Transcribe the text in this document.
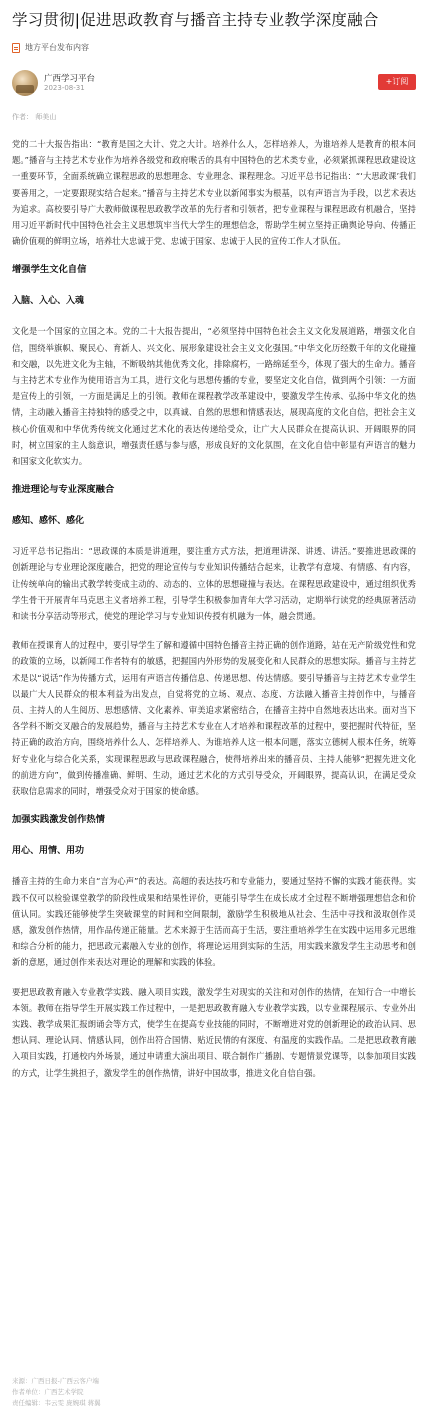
学习贯彻|促进思政教育与播音主持专业教学深度融合
地方平台发布内容
广西学习平台
2023-08-31
+订阅
作者： 师美山

党的二十大报告指出：“教育是国之大计、党之大计。培养什么人，怎样培养人，为谁培养人是教育的根本问题。”播音与主持艺术专业作为培养各级党和政府喉舌的具有中国特色的艺术类专业，必须紧抓课程思政建设这一重要环节，全面系统确立课程思政的思想理念、专业理念、课程理念。习近平总书记指出：“‘大思政课’我们要善用之，一定要跟现实结合起来。”播音与主持艺术专业以新闻事实为根基，以有声语言为手段，以艺术表达为追求。高校要引导广大教师做课程思政教学改革的先行者和引领者，把专业课程与课程思政有机融合，坚持用习近平新时代中国特色社会主义思想筑牢当代大学生的理想信念，帮助学生树立坚持正确舆论导向、传播正确价值观的鲜明立场，培养壮大忠诚于党、忠诚于国家、忠诚于人民的宣传工作人才队伍。

增强学生文化自信
入脑、入心、入魂

文化是一个国家的立国之本。党的二十大报告提出，“必须坚持中国特色社会主义文化发展道路，增强文化自信，围绕举旗帜、聚民心、育新人、兴文化、展形象建设社会主义文化强国。”中华文化历经数千年的文化碰撞和交融，以先进文化为主轴，不断吸纳其他优秀文化，排除腐朽，一路绵延至今，体现了强大的生命力。播音与主持艺术专业作为使用语言为工具，进行文化与思想传播的专业，要坚定文化自信，做到两个引领：一方面是宣传上的引领，一方面是满足上的引领。教师在课程教学改革建设中，要激发学生传承、弘扬中华文化的热情，主动融入播音主持独特的感受之中，以真诚、自然的思想和情感表达，展现高度的文化自信，把社会主义核心价值观和中华优秀传统文化通过艺术化的表达传递给受众，让广大人民群众在提高认识、开阔眼界的同时，树立国家的主人翁意识，增强责任感与参与感，形成良好的文化氛围，在文化自信中彰显有声语言的魅力和国家文化软实力。

推进理论与专业深度融合
感知、感怀、感化

习近平总书记指出：“思政课的本质是讲道理，要注重方式方法，把道理讲深、讲透、讲活。”要推进思政课的创新理论与专业理论深度融合，把党的理论宣传与专业知识传播结合起来，让教学有意境、有情感、有内容，让传统单向的输出式教学转变成主动的、动态的、立体的思想碰撞与表达。在课程思政建设中，通过组织优秀学生骨干开展青年马克思主义者培养工程，引导学生积极参加青年大学习活动，定期举行读党的经典原著活动和读书分享活动等形式，使党的理论学习与专业知识传授有机融为一体，融会贯通。

教师在授课育人的过程中，要引导学生了解和遵循中国特色播音主持正确的创作道路，站在无产阶级党性和党的政策的立场，以新闻工作者特有的敏感，把握国内外形势的发展变化和人民群众的思想实际。播音与主持艺术是以“说话”作为传播方式，运用有声语言传播信息、传递思想、传达情感。要引导播音与主持艺术专业学生以最广大人民群众的根本利益为出发点，自觉将党的立场、观点、态度、方法融入播音主持创作中，与播音员、主持人的人生阅历、思想感情、文化素养、审美追求紧密结合，在播音主持中自然地表达出来。面对当下各学科不断交叉融合的发展趋势，播音与主持艺术专业在人才培养和课程改革的过程中，要把握时代特征，坚持正确的政治方向，围绕培养什么人、怎样培养人、为谁培养人这一根本问题，落实立德树人根本任务，统筹好专业化与综合化关系，实现课程思政与思政课程融合，使得培养出来的播音员、主持人能够“把握先进文化的前进方向”，做到传播准确、鲜明、生动，通过艺术化的方式引导受众，开阔眼界，提高认识，在满足受众获取信息需求的同时，增强受众对于国家的使命感。

加强实践激发创作热情
用心、用情、用功

播音主持的生命力来自“言为心声”的表达。高超的表达技巧和专业能力，要通过坚持不懈的实践才能获得。实践不仅可以检验课堂教学的阶段性成果和结果性评价，更能引导学生在成长成才全过程不断增强理想信念和价值认同。实践还能够使学生突破课堂的时间和空间限制，激励学生积极地从社会、生活中寻找和汲取创作灵感，激发创作热情，用作品传递正能量。艺术来源于生活而高于生活，要注重培养学生在实践中运用多元思维和综合分析的能力，把思政元素融入专业的创作，将理论运用到实际的生活，用实践来激发学生主动思考和创新的意愿，通过创作来表达对理论的理解和实践的体验。

要把思政教育融入专业教学实践、融入项目实践，激发学生对现实的关注和对创作的热情，在知行合一中增长本领。教师在指导学生开展实践工作过程中，一是把思政教育融入专业教学实践，以专业课程展示、专业外出实践、教学成果汇报朗诵会等方式，使学生在提高专业技能的同时，不断增进对党的创新理论的政治认同、思想认同、理论认同、情感认同，创作出符合国情、贴近民情的有深度、有温度的实践作品。二是把思政教育融入项目实践，打通校内外场景，通过申请重大演出项目、联合制作广播剧、专题情景党课等，以参加项目实践的方式，让学生挑担子，激发学生的创作热情，讲好中国故事，推进文化自信自强。

来源：广西日报-广西云客户端

作者单位：广西艺术学院

责任编辑：韦云雯 庞婉琪 蒋翼
